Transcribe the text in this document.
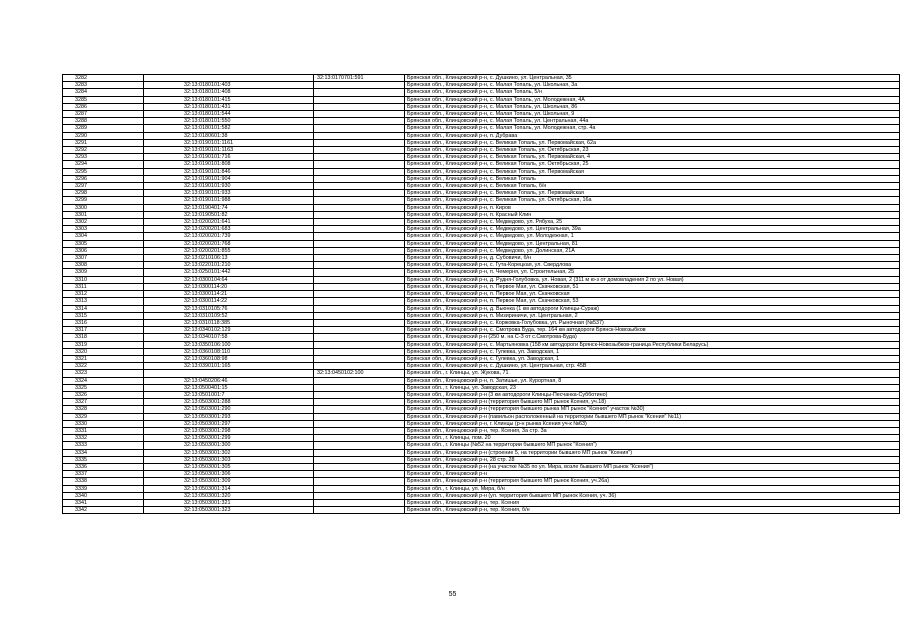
3282		32:13:0170701:591	Брянская обл., Клинцовский р-н, с. Душкино, ул. Центральная, 35
3283	32:13:0180101:403		Брянская обл., Клинцовский р-н, с. Малая Топаль, ул. Школьная, 3а
3284	32:13:0180101:408		Брянская обл., Клинцовский р-н, с. Малая Топаль, 5/н
3285	32:13:0180101:415		Брянская обл., Клинцовский р-н, с. Малая Топаль, ул. Молодежная, 4А
3286	32:13:0180101:431		Брянская обл., Клинцовский р-н, с. Малая Топаль, ул. Школьная, 86
3287	32:13:0180101:544		Брянская обл., Клинцовский р-н, с. Малая Топаль, ул. Школьная, 9
3288	32:13:0180101:550		Брянская обл., Клинцовский р-н, с. Малая Топаль, ул. Центральная, 44а
3289	32:13:0180101:582		Брянская обл., Клинцовский р-н, с. Малая Топаль, ул. Молодежная, стр. 4а
3290	32:13:0180601:38		Брянская обл., Клинцовский р-н, п. Дубрава
3291	32:13:0190101:1161		Брянская обл., Клинцовский р-н, с. Великая Топаль, ул. Первомайская, 62а
3292	32:13:0190101:1163		Брянская обл., Клинцовский р-н, с. Великая Топаль, ул. Октябрьская, 23
3293	32:13:0190101:716		Брянская обл., Клинцовский р-н, с. Великая Топаль, ул. Первомайская, 4
3294	32:13:0190101:808		Брянская обл., Клинцовский р-н, с. Великая Топаль, ул. Октябрьская, 25
3295	32:13:0190101:846		Брянская обл., Клинцовский р-н, с. Великая Топаль, ул. Первомайская
3296	32:13:0190101:904		Брянская обл., Клинцовский р-н, с. Великая Топаль
3297	32:13:0190101:930		Брянская обл., Клинцовский р-н, с. Великая Топаль, б/н
3298	32:13:0190101:933		Брянская обл., Клинцовский р-н, с. Великая Топаль, ул. Первомайская
3299	32:13:0190101:988		Брянская обл., Клинцовский р-н, с. Великая Топаль, ул. Октябрьская, 16а
3300	32:13:0190401:74		Брянская обл., Клинцовский р-н, п. Киров
3301	32:13:0190501:82		Брянская обл., Клинцовский р-н, п. Красный Клин
3302	32:13:0200201:641		Брянская обл., Клинцовский р-н, с. Медведово, ул. Рябуха, 25
3303	32:13:0200201:683		Брянская обл., Клинцовский р-н, с. Медведово, ул. Центральная, 39а
3304	32:13:0200201:739		Брянская обл., Клинцовский р-н, с. Медведово, ул. Молодежная, 1
3305	32:13:0200201:768		Брянская обл., Клинцовский р-н, с. Медведово, ул. Центральная, 81
3306	32:13:0200201:855		Брянская обл., Клинцовский р-н, с. Медведово, ул. Долинская, 21А
3307	32:13:0210106:13		Брянская обл., Клинцовский р-н, д. Субовичи, б/н
3308	32:13:0220101:210		Брянская обл., Клинцовский р-н, с. Гута-Корецкая, ул. Свердлова
3309	32:13:0250101:442		Брянская обл., Клинцовский р-н, п. Чемерня, ул. Строительная, 25
3310	32:13:0300104:64		Брянская обл., Клинцовский р-н, д. Рудня-Голубовка, ул. Новая, 2 (311 м ю-з от домовладения 2 по ул. Новая)
3311	32:13:0300114:20		Брянская обл., Клинцовский р-н, п. Первое Мая, ул. Скачковская, 51
3312	32:13:0300114:21		Брянская обл., Клинцовский р-н, п. Первое Мая, ул. Скачковская
3313	32:13:0300114:22		Брянская обл., Клинцовский р-н, п. Первое Мая, ул. Скачковская, 53
3314	32:13:0310105:76		Брянская обл., Клинцовский р-н, д. Вьюнка (1 км автодороги Клинцы-Сураж)
3315	32:13:0310109:52		Брянская обл., Клинцовский р-н, п. Мизириничи, ул. Центральная, 2
3316	32:13:0310118:385		Брянская обл., Клинцовский р-н, с. Коржовка-Голубовка, ул. Рыночная (№537)
3317	32:13:0340102:129		Брянская обл., Клинцовский р-н, с. Смотрова Буда, тер. 164 км автодороги Брянск-Новозыбков
3318	32:13:0340107:58		Брянская обл., Клинцовский р-н (250 м. на С-З от с.Смотрова-Буда)
3319	32:13:0350106:100		Брянская обл., Клинцовский р-н, с. Мартьяновка (158 км автодороги Брянск-Новозыбков-граница Республики Беларусь)
3320	32:13:0360108:110		Брянская обл., Клинцовский р-н, с. Гулевка, ул. Заводская, 1
3321	32:13:0360108:98		Брянская обл., Клинцовский р-н, с. Гулевка, ул. Заводская, 1
3322	32:13:0390101:165		Брянская обл., Клинцовский р-н, с. Душкино, ул. Центральная, стр. 45В
3323		32:13:0450102:100	Брянская обл., г. Клинцы, ул. Жукова, 71
3324	32:13:0450206:46		Брянская обл., Клинцовский р-н, п. Затишье, ул. Курортная, 8
3325	32:13:0500401:15		Брянская обл., г. Клинцы, ул. Заводская, 23
3326	32:13:0501001:7		Брянская обл., Клинцовский р-н (3 км автодороги Клинцы-Песчанка-Субботино)
3327	32:13:0503001:288		Брянская обл., Клинцовский р-н (территория бывшего МП рынок Ксения, уч.18)
3328	32:13:0503001:290		Брянская обл., Клинцовский р-н (территория бывшего рынка МП рынок "Ксения" участок №30)
3329	32:13:0503001:293		Брянская обл., Клинцовский р-н (павильон расположенный на территории бывшего МП рынок "Ксения" №11)
3330	32:13:0503001:297		Брянская обл., Клинцовский р-н, г. Клинцы (р-н рынка Ксения уч-к №63)
3331	32:13:0503001:298		Брянская обл., Клинцовский р-н, тер. Ксения, 3а стр. 3а
3332	32:13:0503001:299		Брянская обл., г. Клинцы, пом. 20
3333	32:13:0503001:300		Брянская обл., г. Клинцы (№52 на территории бывшего МП рынок "Ксения")
3334	32:13:0503001:302		Брянская обл., Клинцовский р-н (строение 5, на территории бывшего МП рынок "Ксения")
3335	32:13:0503001:303		Брянская обл., Клинцовский р-н, 28 стр. 28
3336	32:13:0503001:305		Брянская обл., Клинцовский р-н (на участке №35 по ул. Мира, возле бывшего МП рынок "Ксения")
3337	32:13:0503001:306		Брянская обл., Клинцовский р-н
3338	32:13:0503001:309		Брянская обл., Клинцовский р-н (территория бывшего МП рынок Ксения, уч.26а)
3339	32:13:0503001:314		Брянская обл., г. Клинцы, ул. Мира, б/н
3340	32:13:0503001:320		Брянская обл., Клинцовский р-н (ул. территория бывшего МП рынок Ксения, уч. 36)
3341	32:13:0503001:321		Брянская обл., Клинцовский р-н, тер. Ксения
3342	32:13:0503001:323		Брянская обл., Клинцовский р-н, тер. Ксения, б/н
55
